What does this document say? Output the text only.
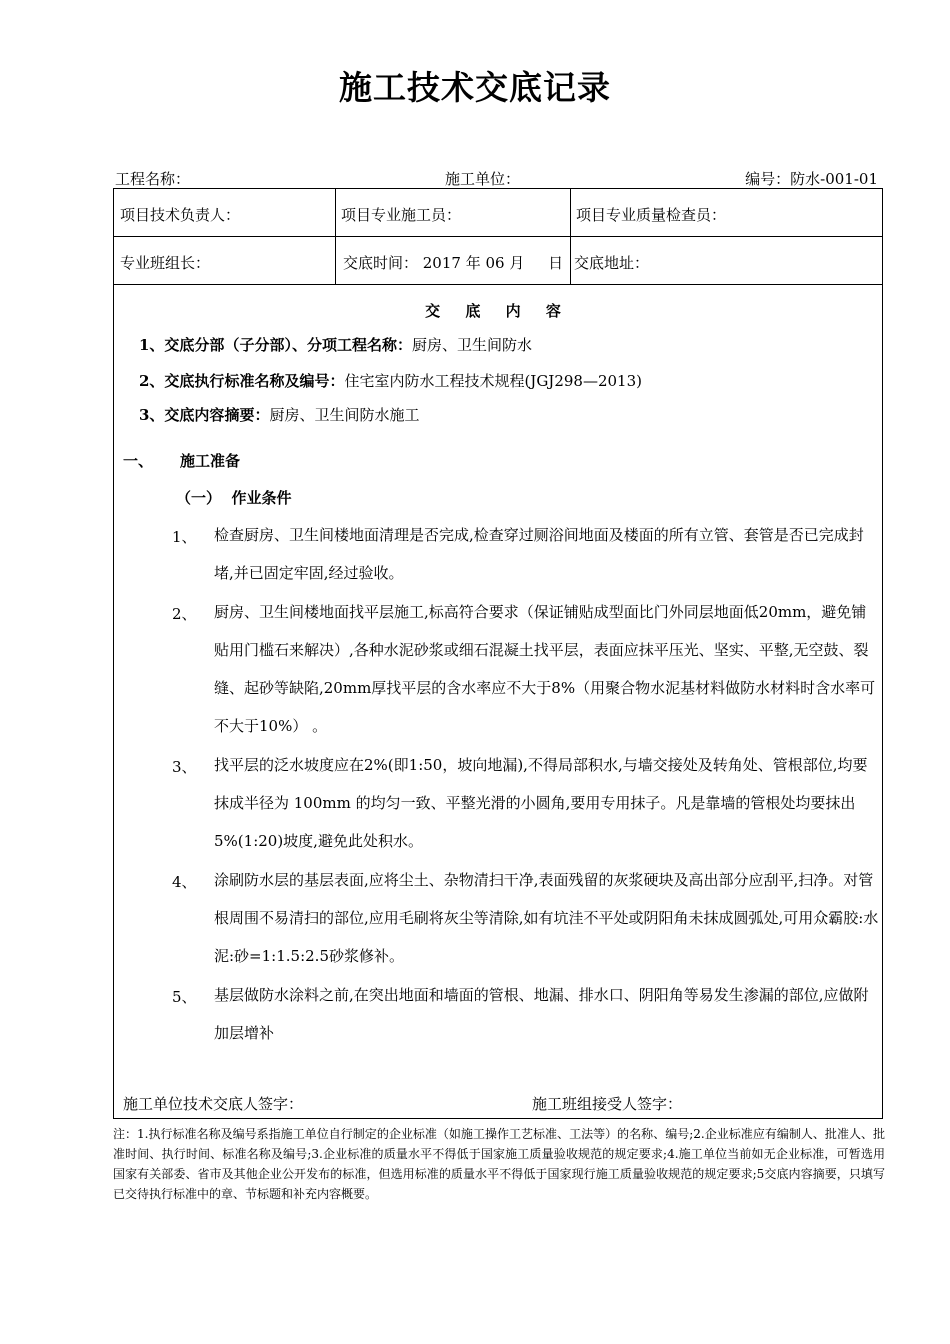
施工技术交底记录
工程名称：	施工单位：	编号：防水-001-01
项目技术负责人：	项目专业施工员：	项目专业质量检查员：
专业班组长：	交底时间： 2017 年 06 月     日 交底地址：
交 底 内 容
1、交底分部（子分部）、分项工程名称：厨房、卫生间防水
2、交底执行标准名称及编号：住宅室内防水工程技术规程(JGJ298—2013)
3、交底内容摘要：厨房、卫生间防水施工
一、 施工准备
（一）  作业条件
1、 检查厨房、卫生间楼地面清理是否完成,检查穿过厕浴间地面及楼面的所有立管、套管是否已完成封堵,并已固定牢固,经过验收。
2、 厨房、卫生间楼地面找平层施工,标高符合要求（保证铺贴成型面比门外同层地面低20mm，避免铺贴用门槛石来解决）,各种水泥砂浆或细石混凝土找平层，表面应抹平压光、坚实、平整,无空鼓、裂缝、起砂等缺陷,20mm厚找平层的含水率应不大于8%（用聚合物水泥基材料做防水材料时含水率可不大于10%） 。
3、 找平层的泛水坡度应在2%(即1:50，坡向地漏),不得局部积水,与墙交接处及转角处、管根部位,均要抹成半径为 100mm 的均匀一致、平整光滑的小圆角,要用专用抹子。凡是靠墙的管根处均要抹出5%(1:20)坡度,避免此处积水。
4、 涂刷防水层的基层表面,应将尘土、杂物清扫干净,表面残留的灰浆硬块及高出部分应刮平,扫净。对管根周围不易清扫的部位,应用毛刷将灰尘等清除,如有坑洼不平处或阴阳角未抹成圆弧处,可用众霸胶:水泥:砂=1:1.5:2.5砂浆修补。
5、 基层做防水涂料之前,在突出地面和墙面的管根、地漏、排水口、阴阳角等易发生渗漏的部位,应做附加层增补
施工单位技术交底人签字：	施工班组接受人签字：
注：1.执行标准名称及编号系指施工单位自行制定的企业标准（如施工操作工艺标准、工法等）的名称、编号;2.企业标准应有编制人、批准人、批准时间、执行时间、标准名称及编号;3.企业标准的质量水平不得低于国家施工质量验收规范的规定要求;4.施工单位当前如无企业标准，可暂选用国家有关部委、省市及其他企业公开发布的标准，但选用标准的质量水平不得低于国家现行施工质量验收规范的规定要求;5交底内容摘要，只填写已交待执行标准中的章、节标题和补充内容概要。
